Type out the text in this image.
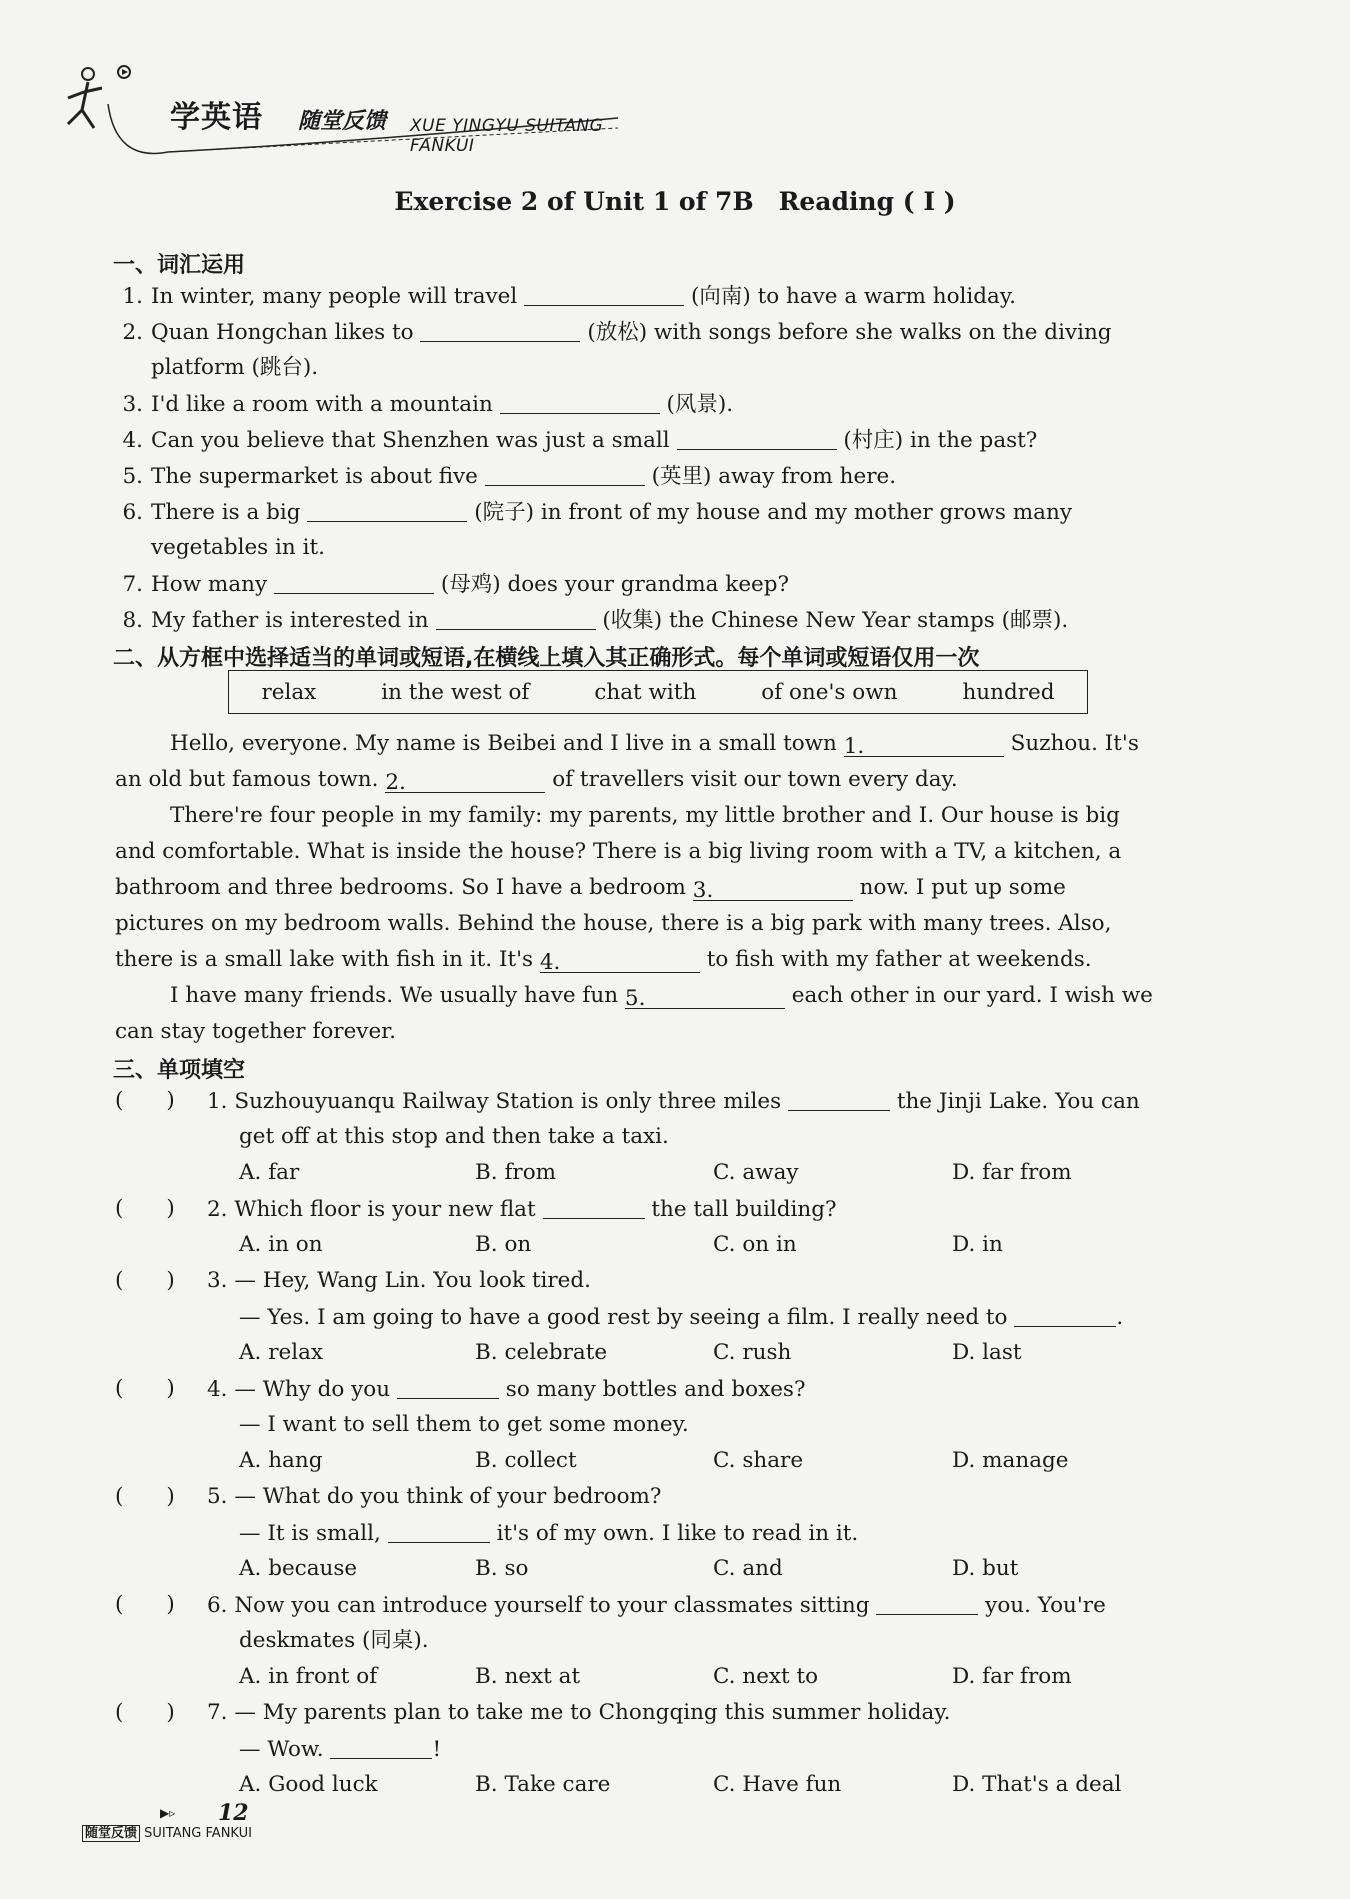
学英语 随堂反馈 XUE YINGYU SUITANG FANKUI
Exercise 2 of Unit 1 of 7B　Reading ( Ⅰ )
一、词汇运用
1. In winter, many people will travel	(向南) to have a warm holiday.
2. Quan Hongchan likes to	(放松) with songs before she walks on the diving
platform (跳台).
3. I'd like a room with a mountain	(风景).
4. Can you believe that Shenzhen was just a small	(村庄) in the past?
5. The supermarket is about five	(英里) away from here.
6. There is a big	(院子) in front of my house and my mother grows many
vegetables in it.
7. How many	(母鸡) does your grandma keep?
8. My father is interested in	(收集) the Chinese New Year stamps (邮票).
二、从方框中选择适当的单词或短语,在横线上填入其正确形式。每个单词或短语仅用一次
relax	in the west of	chat with	of one's own	hundred
Hello, everyone. My name is Beibei and I live in a small town 1.	Suzhou. It's
an old but famous town. 2.	of travellers visit our town every day.
There're four people in my family: my parents, my little brother and I. Our house is big
and comfortable. What is inside the house? There is a big living room with a TV, a kitchen, a
bathroom and three bedrooms. So I have a bedroom 3.	now. I put up some
pictures on my bedroom walls. Behind the house, there is a big park with many trees. Also,
there is a small lake with fish in it. It's 4.	to fish with my father at weekends.
I have many friends. We usually have fun 5.	each other in our yard. I wish we
can stay together forever.
三、单项填空
(　　) 1. Suzhouyuanqu Railway Station is only three miles	the Jinji Lake. You can
get off at this stop and then take a taxi.
A. far	B. from	C. away	D. far from
(　　) 2. Which floor is your new flat	the tall building?
A. in on	B. on	C. on in	D. in
(　　) 3. — Hey, Wang Lin. You look tired.
— Yes. I am going to have a good rest by seeing a film. I really need to	.
A. relax	B. celebrate	C. rush	D. last
(　　) 4. — Why do you	so many bottles and boxes?
— I want to sell them to get some money.
A. hang	B. collect	C. share	D. manage
(　　) 5. — What do you think of your bedroom?
— It is small,	it's of my own. I like to read in it.
A. because	B. so	C. and	D. but
(　　) 6. Now you can introduce yourself to your classmates sitting	you. You're
deskmates (同桌).
A. in front of	B. next at	C. next to	D. far from
(　　) 7. — My parents plan to take me to Chongqing this summer holiday.
— Wow.	!
A. Good luck	B. Take care	C. Have fun	D. That's a deal
▶▹ 12
随堂反馈 SUITANG FANKUI
